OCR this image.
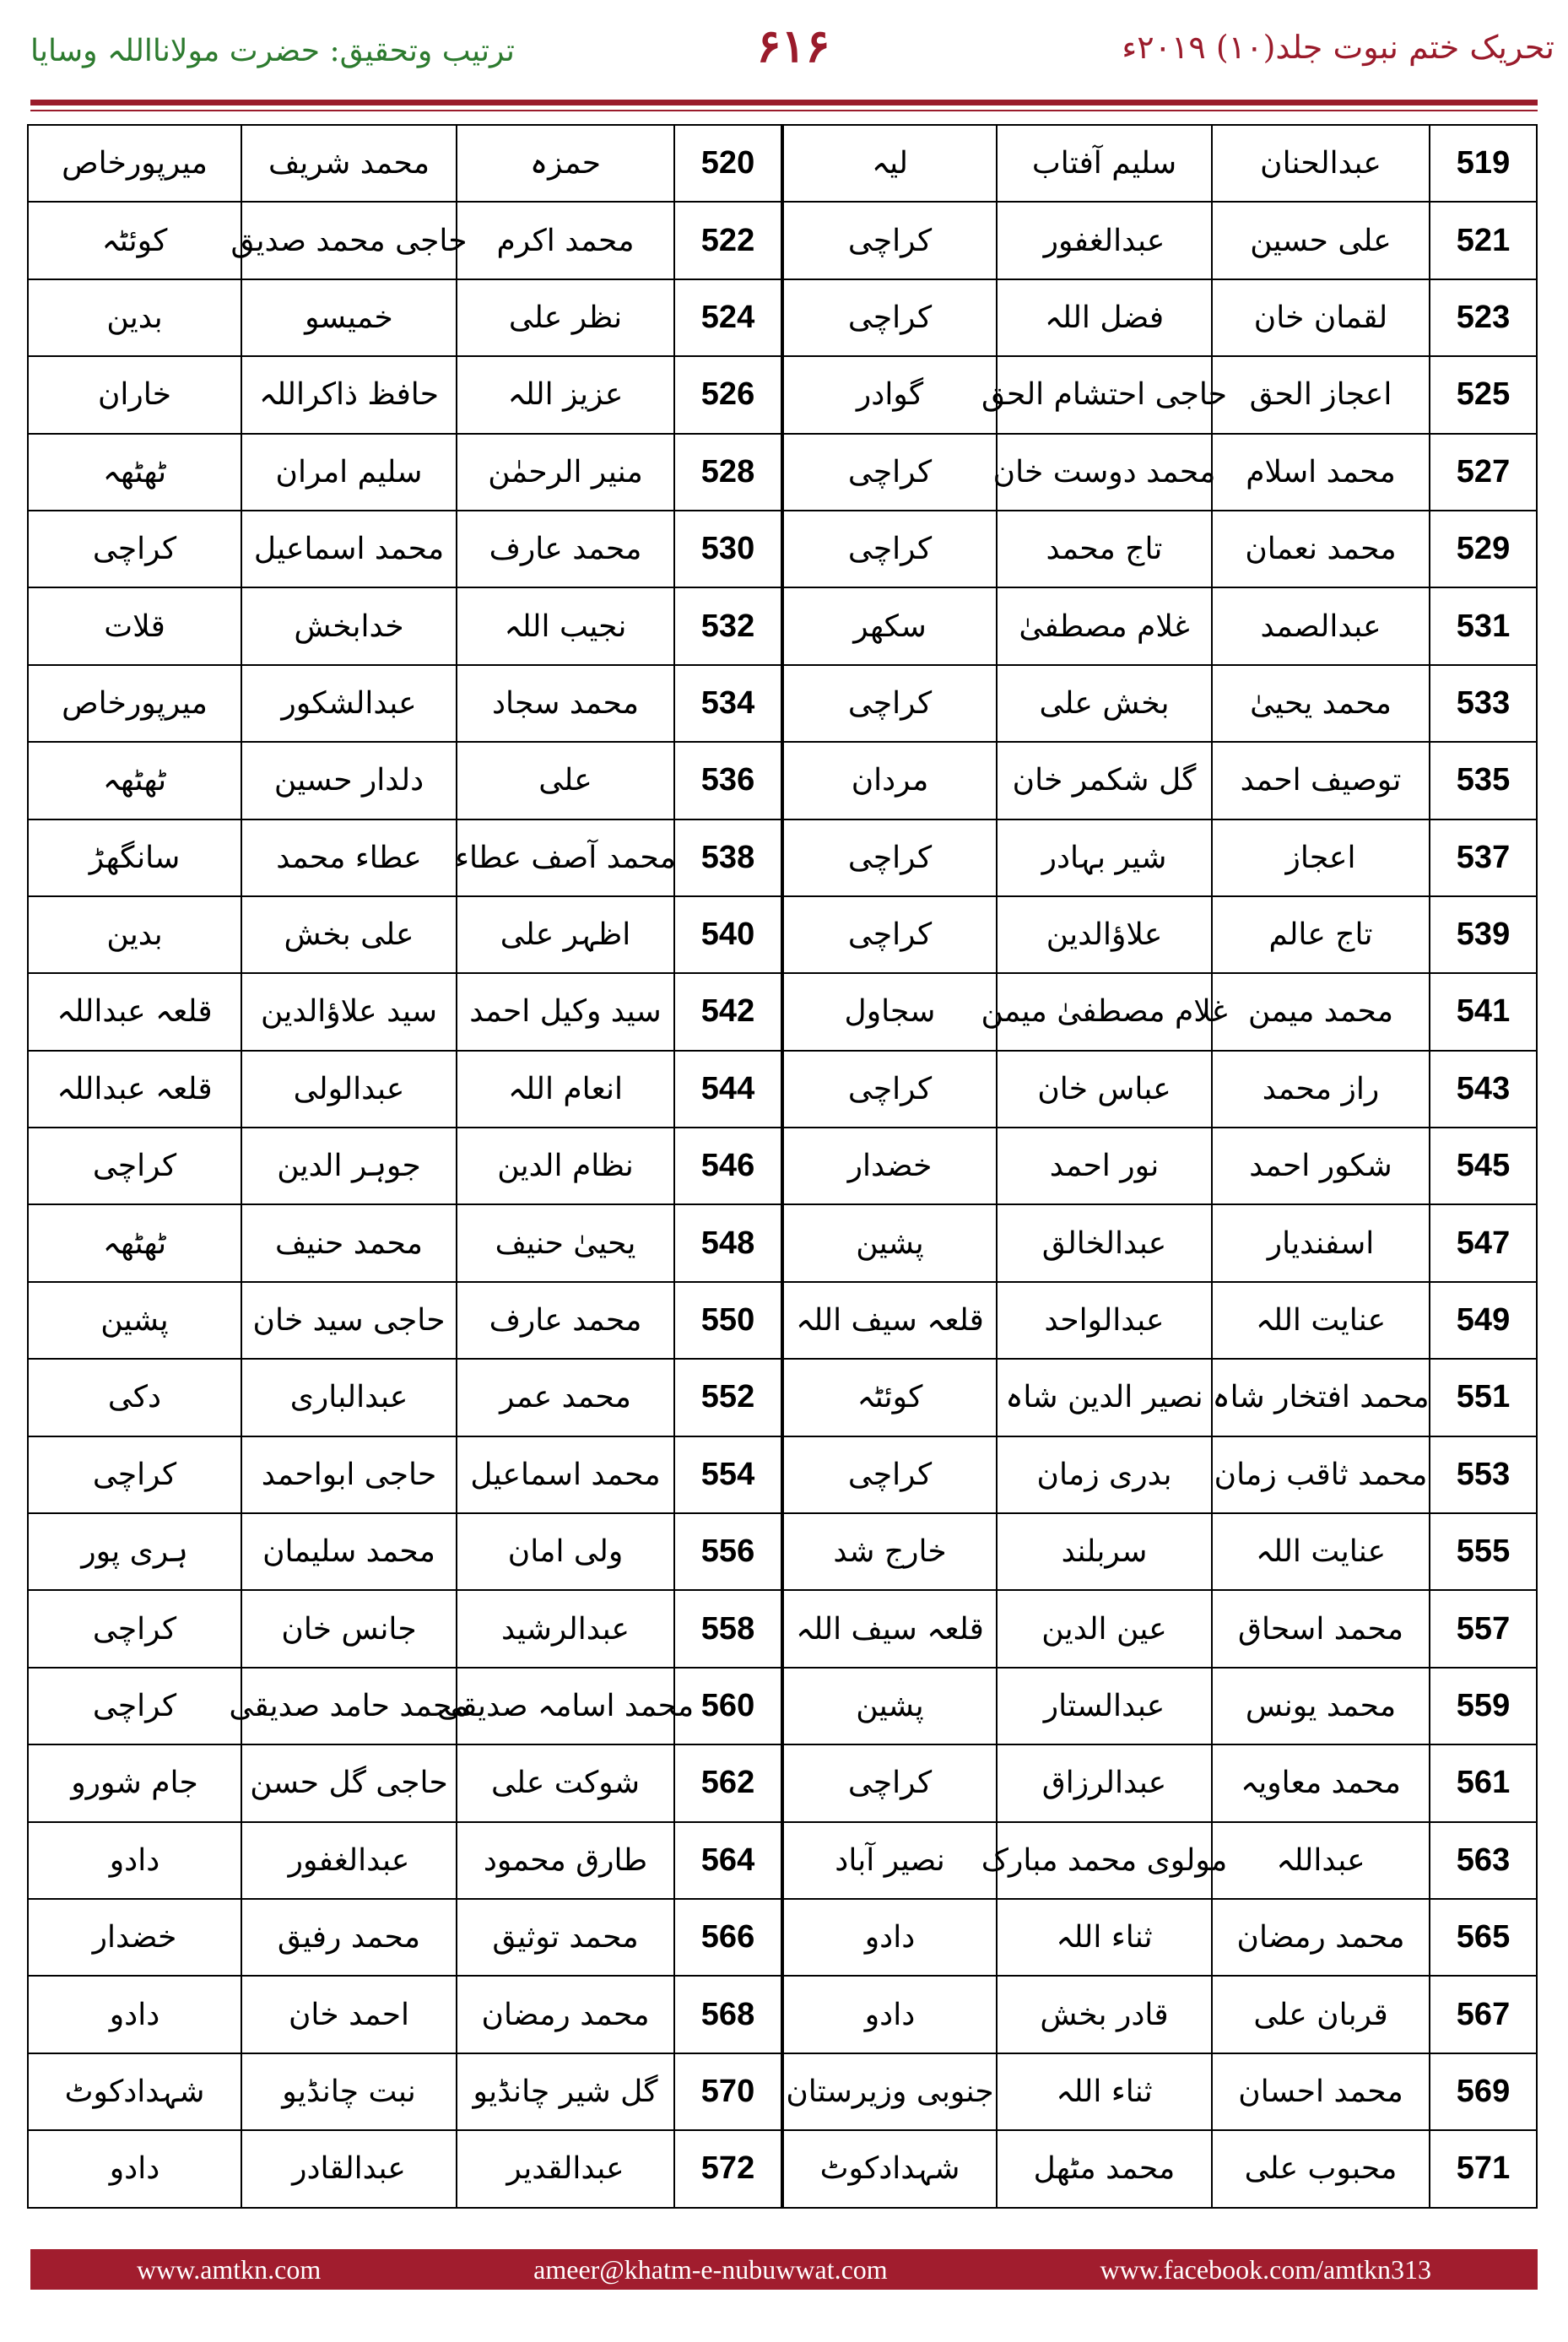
تحریک ختم نبوت جلد(۱۰) ۲۰۱۹ء
۶۱۶
ترتیب وتحقیق: حضرت مولانااللہ وسایا
519
عبدالحنان
سلیم آفتاب
لیہ
521
علی حسین
عبدالغفور
کراچی
523
لقمان خان
فضل اللہ
کراچی
525
اعجاز الحق
حاجی احتشام الحق
گوادر
527
محمد اسلام
محمد دوست خان
کراچی
529
محمد نعمان
تاج محمد
کراچی
531
عبدالصمد
غلام مصطفیٰ
سکھر
533
محمد یحییٰ
بخش علی
کراچی
535
توصیف احمد
گل شکمر خان
مردان
537
اعجاز
شیر بہادر
کراچی
539
تاج عالم
علاؤالدین
کراچی
541
محمد میمن
غلام مصطفیٰ میمن
سجاول
543
راز محمد
عباس خان
کراچی
545
شکور احمد
نور احمد
خضدار
547
اسفندیار
عبدالخالق
پشین
549
عنایت اللہ
عبدالواحد
قلعہ سیف اللہ
551
محمد افتخار شاہ
نصیر الدین شاہ
کوئٹہ
553
محمد ثاقب زمان
بدری زمان
کراچی
555
عنایت اللہ
سربلند
خارج شد
557
محمد اسحاق
عین الدین
قلعہ سیف اللہ
559
محمد یونس
عبدالستار
پشین
561
محمد معاویہ
عبدالرزاق
کراچی
563
عبداللہ
مولوی محمد مبارک
نصیر آباد
565
محمد رمضان
ثناء اللہ
دادو
567
قربان علی
قادر بخش
دادو
569
محمد احسان
ثناء اللہ
جنوبی وزیرستان
571
محبوب علی
محمد مٹھل
شہدادکوٹ
520
حمزہ
محمد شریف
میرپورخاص
522
محمد اکرم
حاجی محمد صدیق
کوئٹہ
524
نظر علی
خمیسو
بدین
526
عزیز اللہ
حافظ ذاکراللہ
خاران
528
منیر الرحمٰن
سلیم امران
ٹھٹھہ
530
محمد عارف
محمد اسماعیل
کراچی
532
نجیب اللہ
خدابخش
قلات
534
محمد سجاد
عبدالشکور
میرپورخاص
536
علی
دلدار حسین
ٹھٹھہ
538
محمد آصف عطاء
عطاء محمد
سانگھڑ
540
اظہر علی
علی بخش
بدین
542
سید وکیل احمد
سید علاؤالدین
قلعہ عبداللہ
544
انعام اللہ
عبدالولی
قلعہ عبداللہ
546
نظام الدین
جوہر الدین
کراچی
548
یحییٰ حنیف
محمد حنیف
ٹھٹھہ
550
محمد عارف
حاجی سید خان
پشین
552
محمد عمر
عبدالباری
دکی
554
محمد اسماعیل
حاجی ابواحمد
کراچی
556
ولی امان
محمد سلیمان
ہری پور
558
عبدالرشید
جانس خان
کراچی
560
محمد اسامہ صدیقی
محمد حامد صدیقی
کراچی
562
شوکت علی
حاجی گل حسن
جام شورو
564
طارق محمود
عبدالغفور
دادو
566
محمد توثیق
محمد رفیق
خضدار
568
محمد رمضان
احمد خان
دادو
570
گل شیر چانڈیو
نبت چانڈیو
شہدادکوٹ
572
عبدالقدیر
عبدالقادر
دادو
www.amtkn.com	ameer@khatm-e-nubuwwat.com	www.facebook.com/amtkn313
